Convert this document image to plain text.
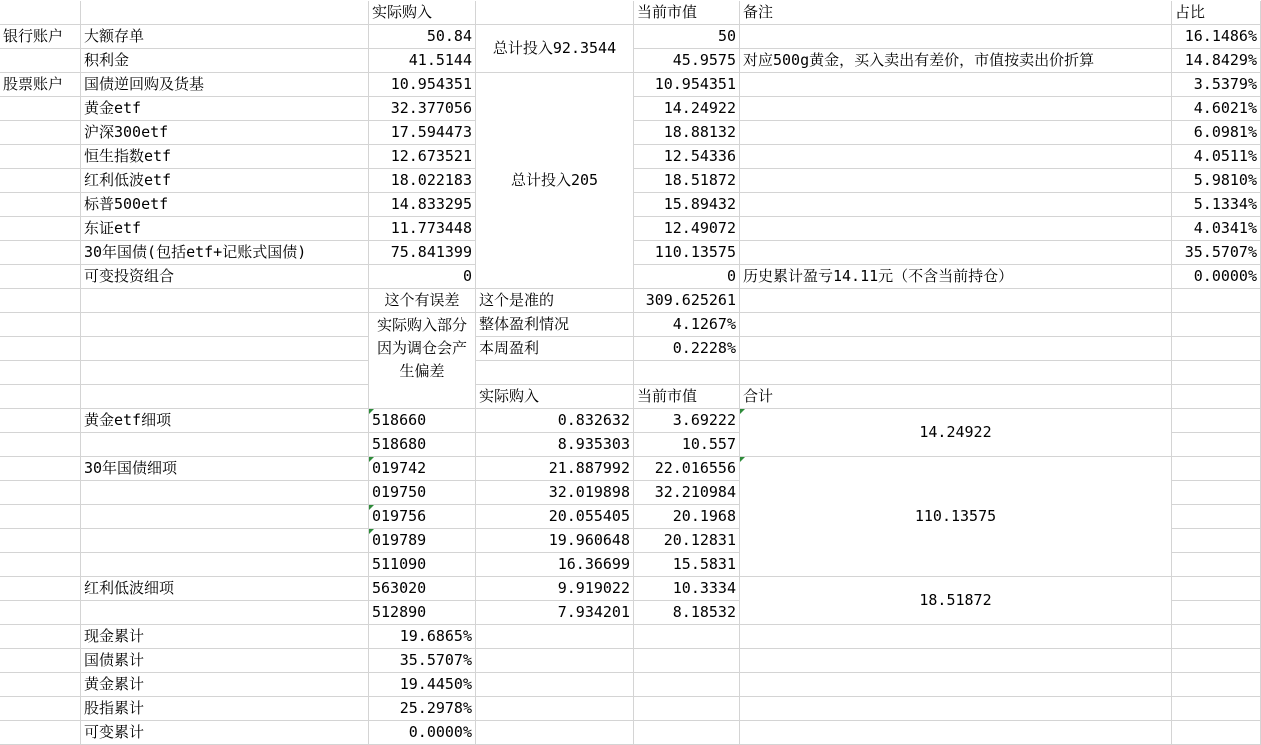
实际购入	当前市值	备注	占比
银行账户
总计投入92.3544
大额存单	50.84	50	16.1486%
积利金	41.5144	45.9575 对应500g黄金，买入卖出有差价，市值按卖出价折算	14.8429%
股票账户
总计投入205
国债逆回购及货基	10.954351	10.954351	3.5379%
黄金etf	32.377056	14.24922	4.6021%
沪深300etf	17.594473	18.88132	6.0981%
恒生指数etf	12.673521	12.54336	4.0511%
红利低波etf	18.022183	18.51872	5.9810%
标普500etf	14.833295	15.89432	5.1334%
东证etf	11.773448	12.49072	4.0341%
30年国债(包括etf+记账式国债)	75.841399	110.13575	35.5707%
可变投资组合	0	0 历史累计盈亏14.11元（不含当前持仓）	0.0000%
这个有误差
实际购入部分因为调仓会产生偏差
这个是准的	309.625261
整体盈利情况	4.1267%
本周盈利	0.2228%
实际购入	当前市值	合计
黄金etf细项	518660	0.832632	3.69222
518680	8.935303	10.557
14.24922
30年国债细项	019742	21.887992	22.016556
019750	32.019898	32.210984
019756	20.055405	20.1968
019789	19.960648	20.12831
511090	16.36699	15.5831
110.13575
红利低波细项	563020	9.919022	10.3334
512890	7.934201	8.18532
18.51872
现金累计	19.6865%
国债累计	35.5707%
黄金累计	19.4450%
股指累计	25.2978%
可变累计	0.0000%
